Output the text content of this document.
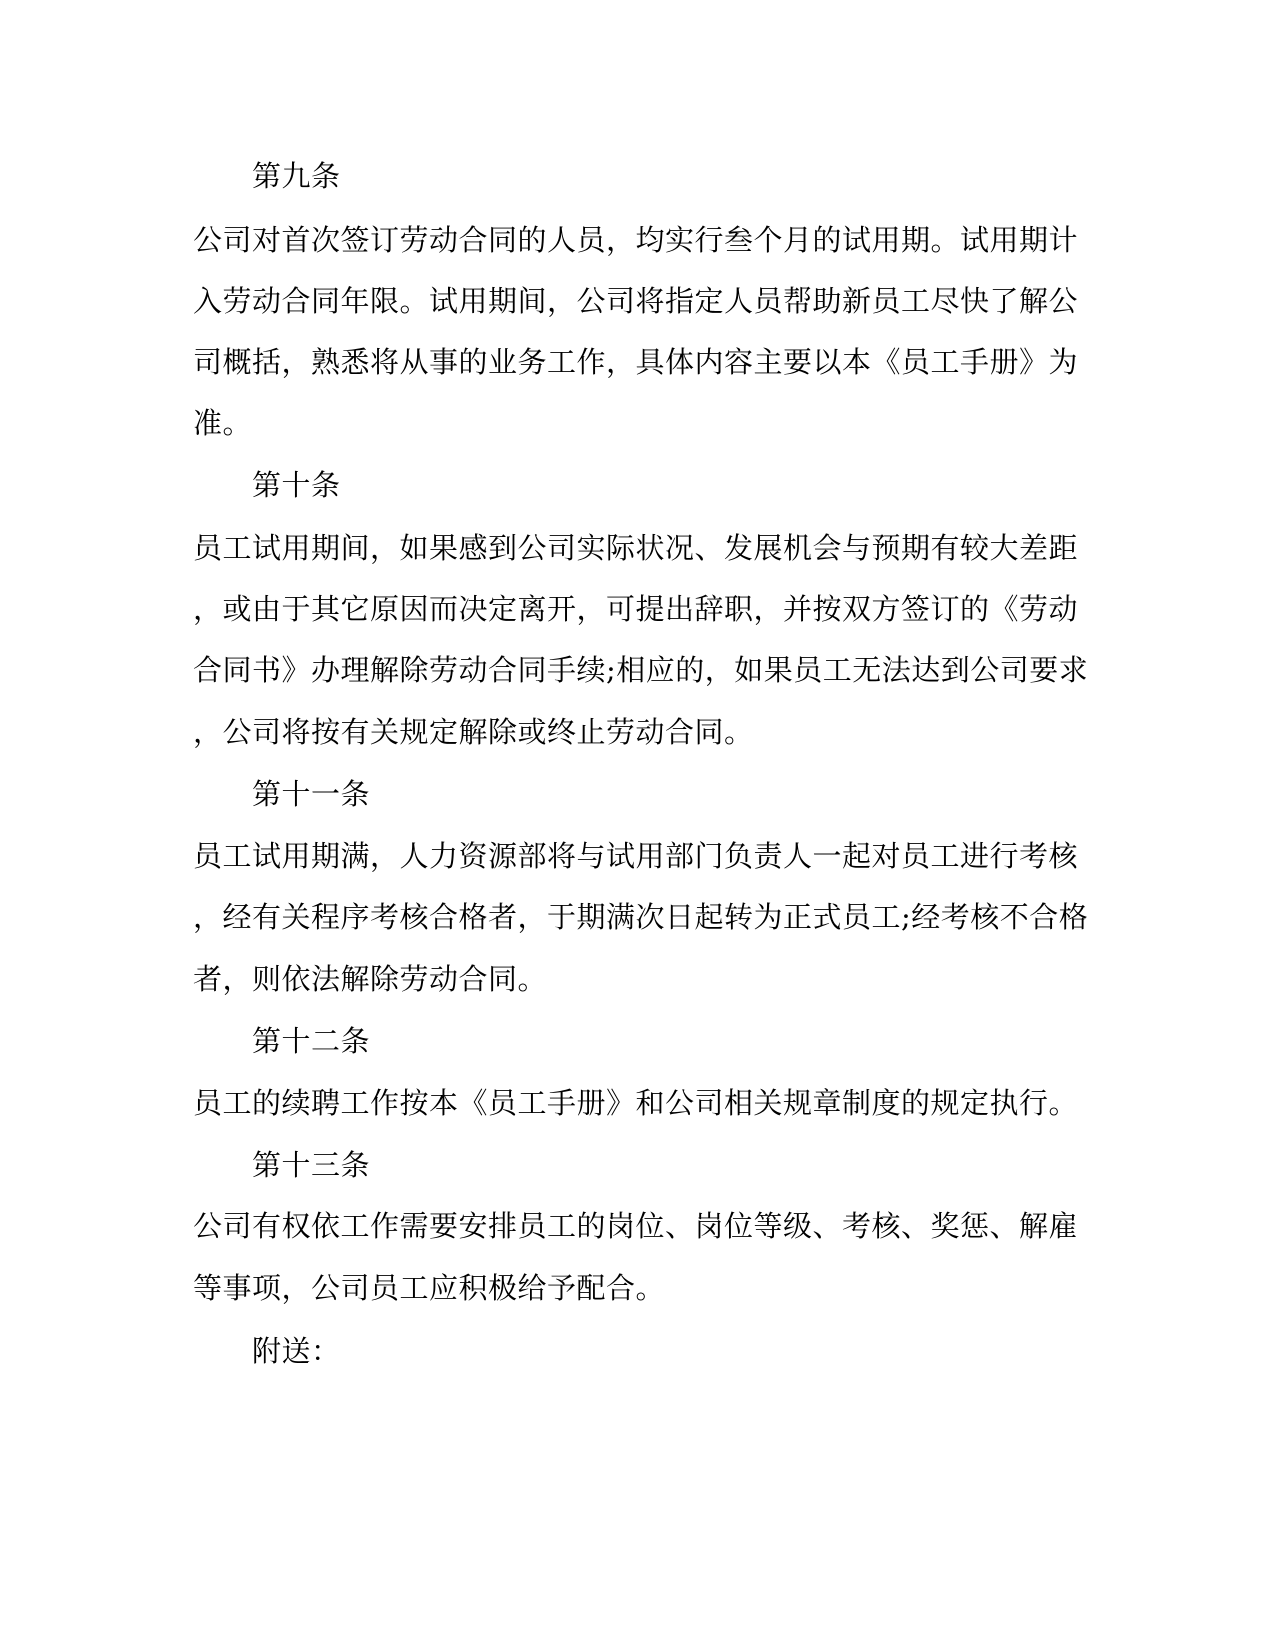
第九条

公司对首次签订劳动合同的人员，均实行叁个月的试用期。试用期计

入劳动合同年限。试用期间，公司将指定人员帮助新员工尽快了解公

司概括，熟悉将从事的业务工作，具体内容主要以本《员工手册》为

准。

第十条

员工试用期间，如果感到公司实际状况、发展机会与预期有较大差距

，或由于其它原因而决定离开，可提出辞职，并按双方签订的《劳动

合同书》办理解除劳动合同手续;相应的，如果员工无法达到公司要求

，公司将按有关规定解除或终止劳动合同。

第十一条

员工试用期满，人力资源部将与试用部门负责人一起对员工进行考核

，经有关程序考核合格者，于期满次日起转为正式员工;经考核不合格

者，则依法解除劳动合同。

第十二条

员工的续聘工作按本《员工手册》和公司相关规章制度的规定执行。

第十三条

公司有权依工作需要安排员工的岗位、岗位等级、考核、奖惩、解雇

等事项，公司员工应积极给予配合。

附送：
